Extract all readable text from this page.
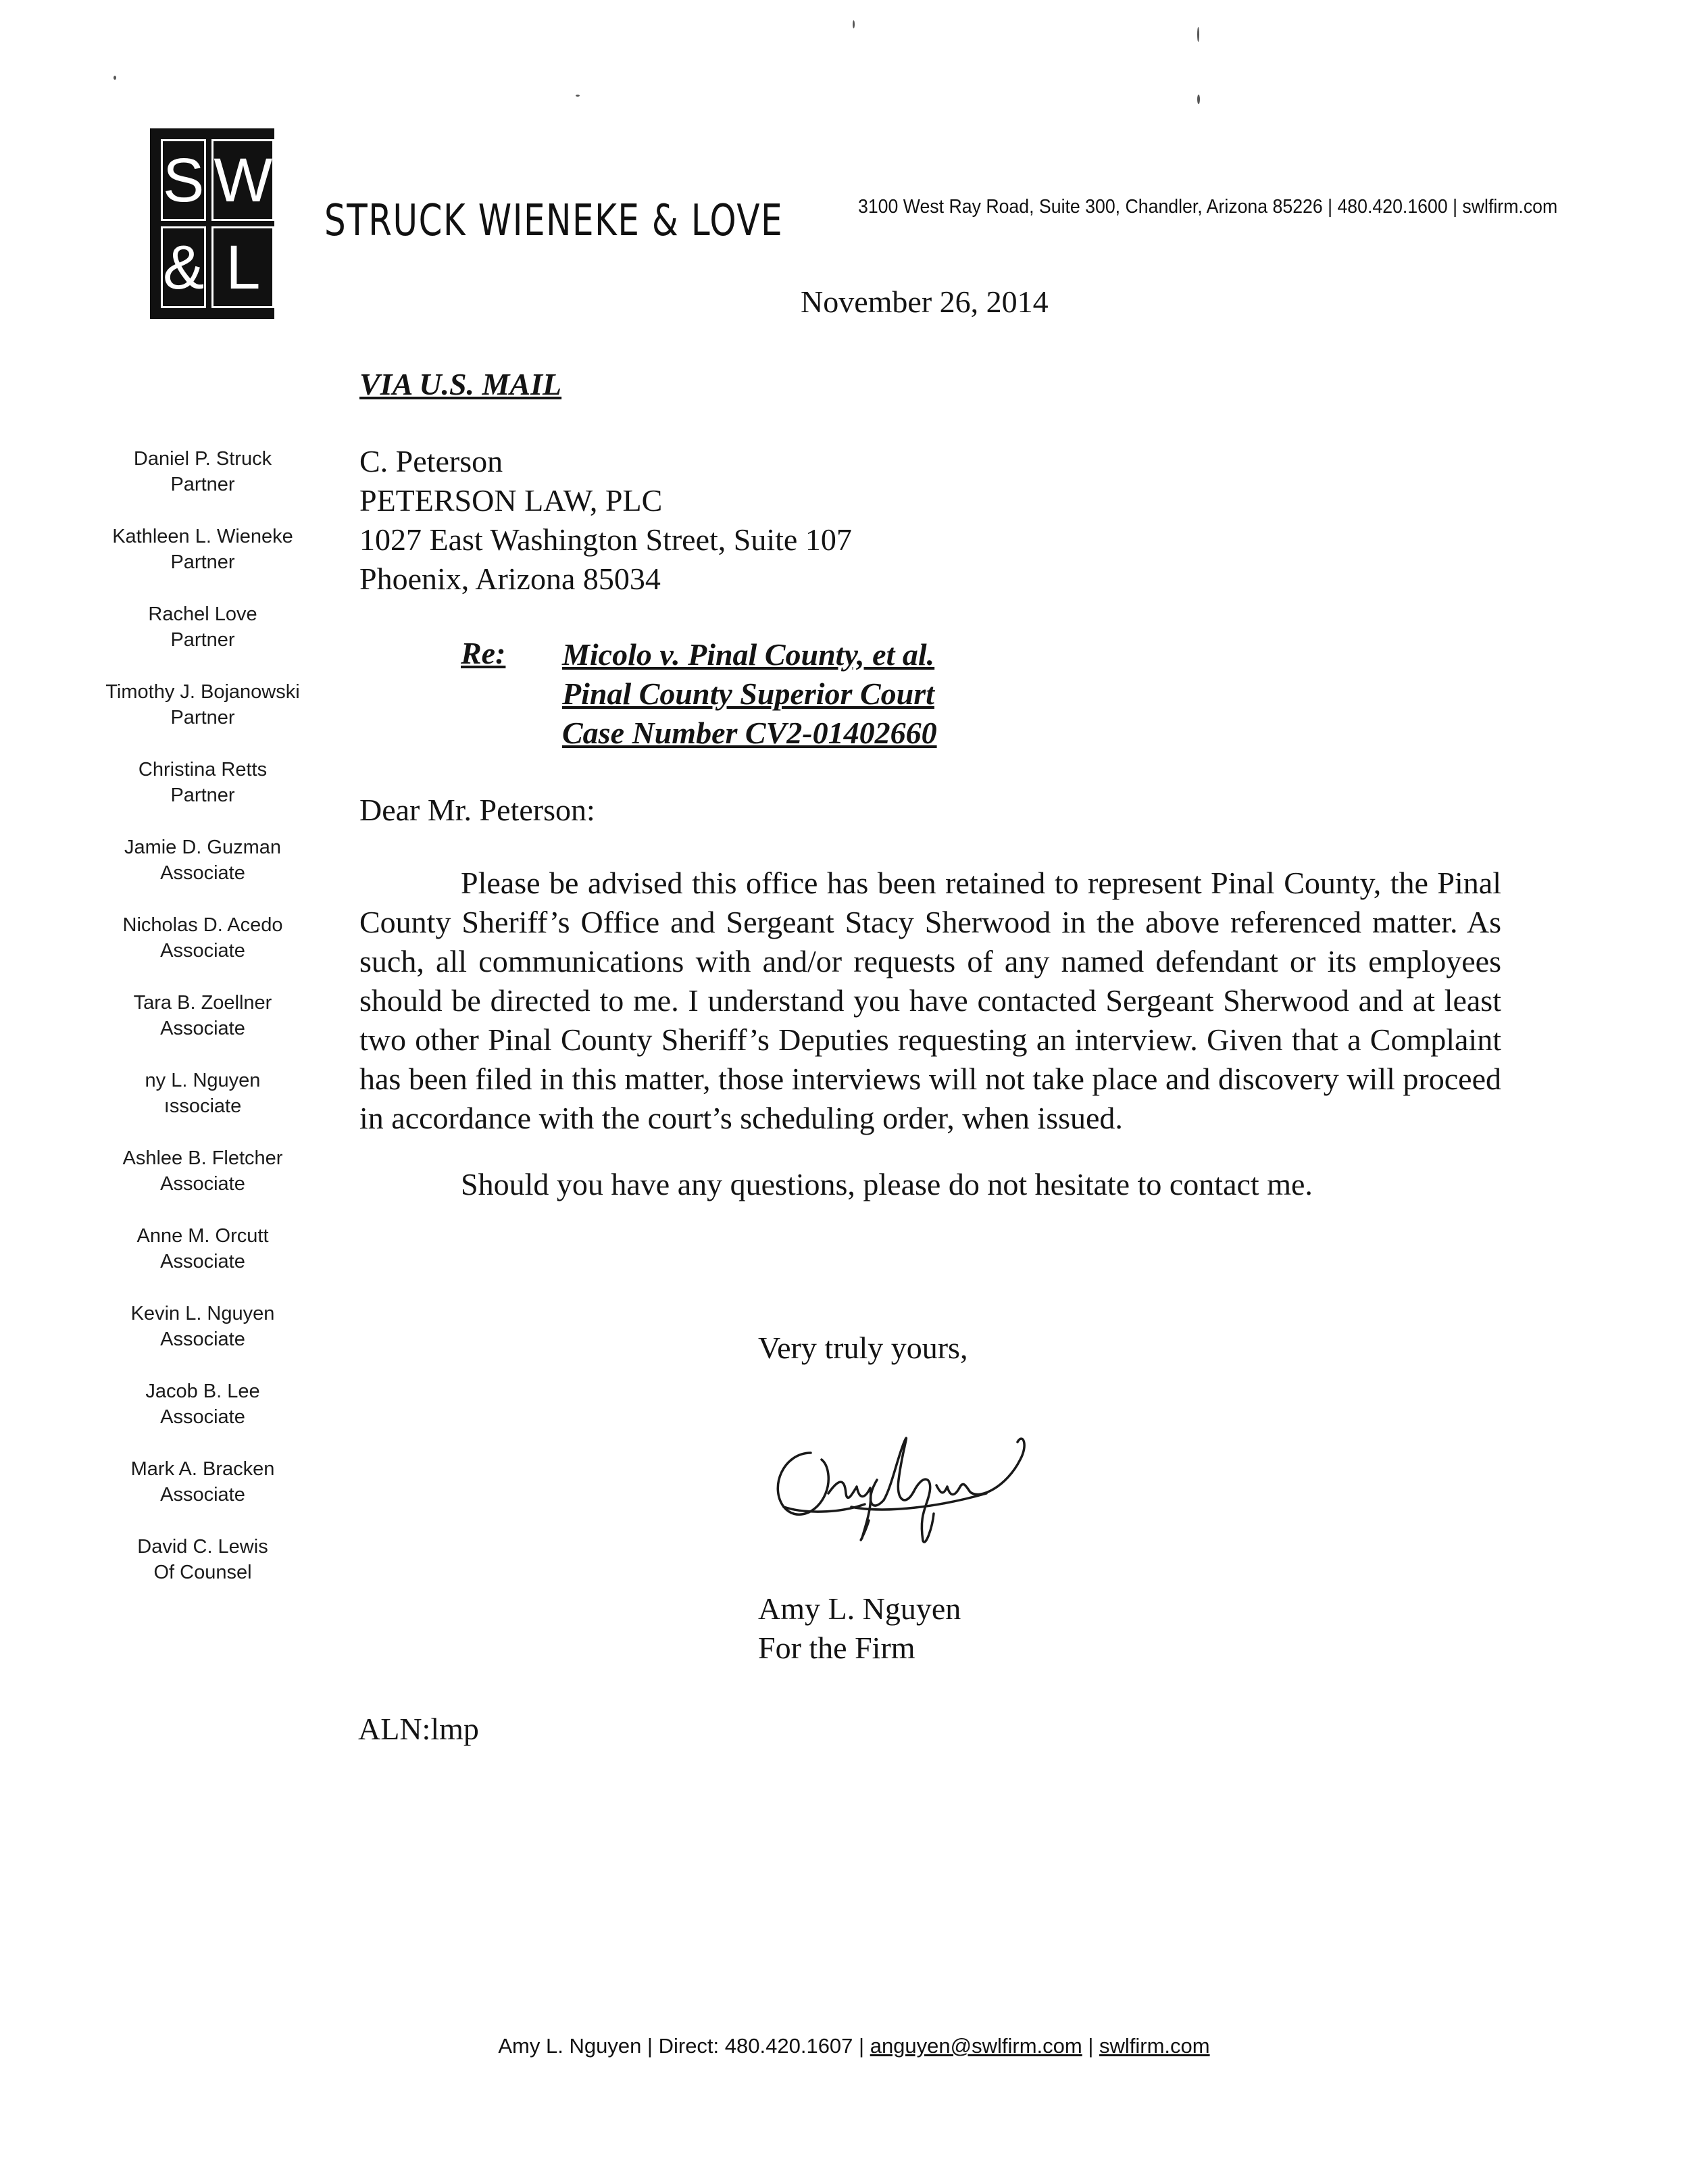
S W
& L
STRUCK WIENEKE & LOVE	3100 West Ray Road, Suite 300, Chandler, Arizona 85226 | 480.420.1600 | swlfirm.com
Daniel P. Struck
Partner
Kathleen L. Wieneke
Partner
Rachel Love
Partner
Timothy J. Bojanowski
Partner
Christina Retts
Partner
Jamie D. Guzman
Associate
Nicholas D. Acedo
Associate
Tara B. Zoellner
Associate
ny L. Nguyen
ıssociate
Ashlee B. Fletcher
Associate
Anne M. Orcutt
Associate
Kevin L. Nguyen
Associate
Jacob B. Lee
Associate
Mark A. Bracken
Associate
David C. Lewis
Of Counsel
November 26, 2014
VIA U.S. MAIL
C. Peterson
PETERSON LAW, PLC
1027 East Washington Street, Suite 107
Phoenix, Arizona 85034
Re: Micolo v. Pinal County, et al.
Pinal County Superior Court
Case Number CV2-01402660
Dear Mr. Peterson:

Please be advised this office has been retained to represent Pinal County, the Pinal County Sheriff’s Office and Sergeant Stacy Sherwood in the above referenced matter. As such, all communications with and/or requests of any named defendant or its employees should be directed to me. I understand you have contacted Sergeant Sherwood and at least two other Pinal County Sheriff’s Deputies requesting an interview. Given that a Complaint has been filed in this matter, those interviews will not take place and discovery will proceed in accordance with the court’s scheduling order, when issued.

Should you have any questions, please do not hesitate to contact me.

Very truly yours,
Amy L. Nguyen
For the Firm
ALN:lmp
Amy L. Nguyen | Direct: 480.420.1607 | anguyen@swlfirm.com | swlfirm.com
